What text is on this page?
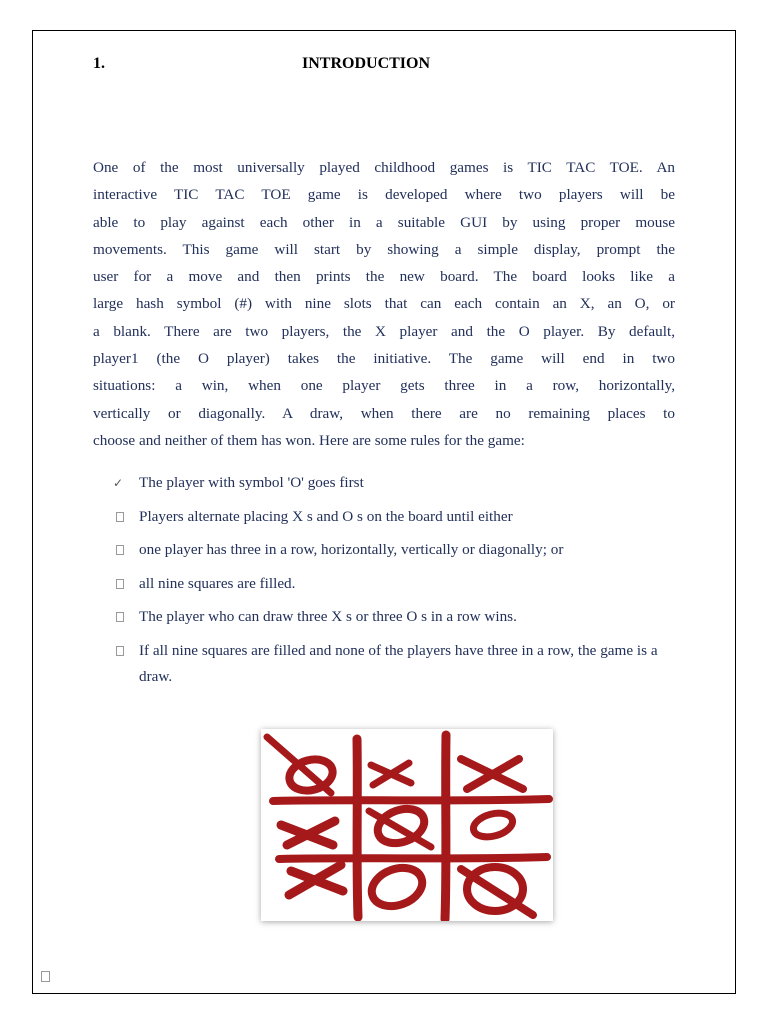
1.	INTRODUCTION
One of the most universally played childhood games is TIC TAC TOE. An
interactive TIC TAC TOE game is developed where two players will be
able to play against each other in a suitable GUI by using proper mouse
movements. This game will start by showing a simple display, prompt the
user for a move and then prints the new board. The board looks like a
large hash symbol (#) with nine slots that can each contain an X, an O, or
a blank. There are two players, the X player and the O player. By default,
player1 (the O player) takes the initiative. The game will end in two
situations: a win, when one player gets three in a row, horizontally,
vertically or diagonally. A draw, when there are no remaining places to
choose and neither of them has won. Here are some rules for the game:
✓	The player with symbol 'O' goes first
Players alternate placing X s and O s on the board until either
one player has three in a row, horizontally, vertically or diagonally; or
all nine squares are filled.
The player who can draw three X s or three O s in a row wins.
If all nine squares are filled and none of the players have three in a row, the game is a draw.
